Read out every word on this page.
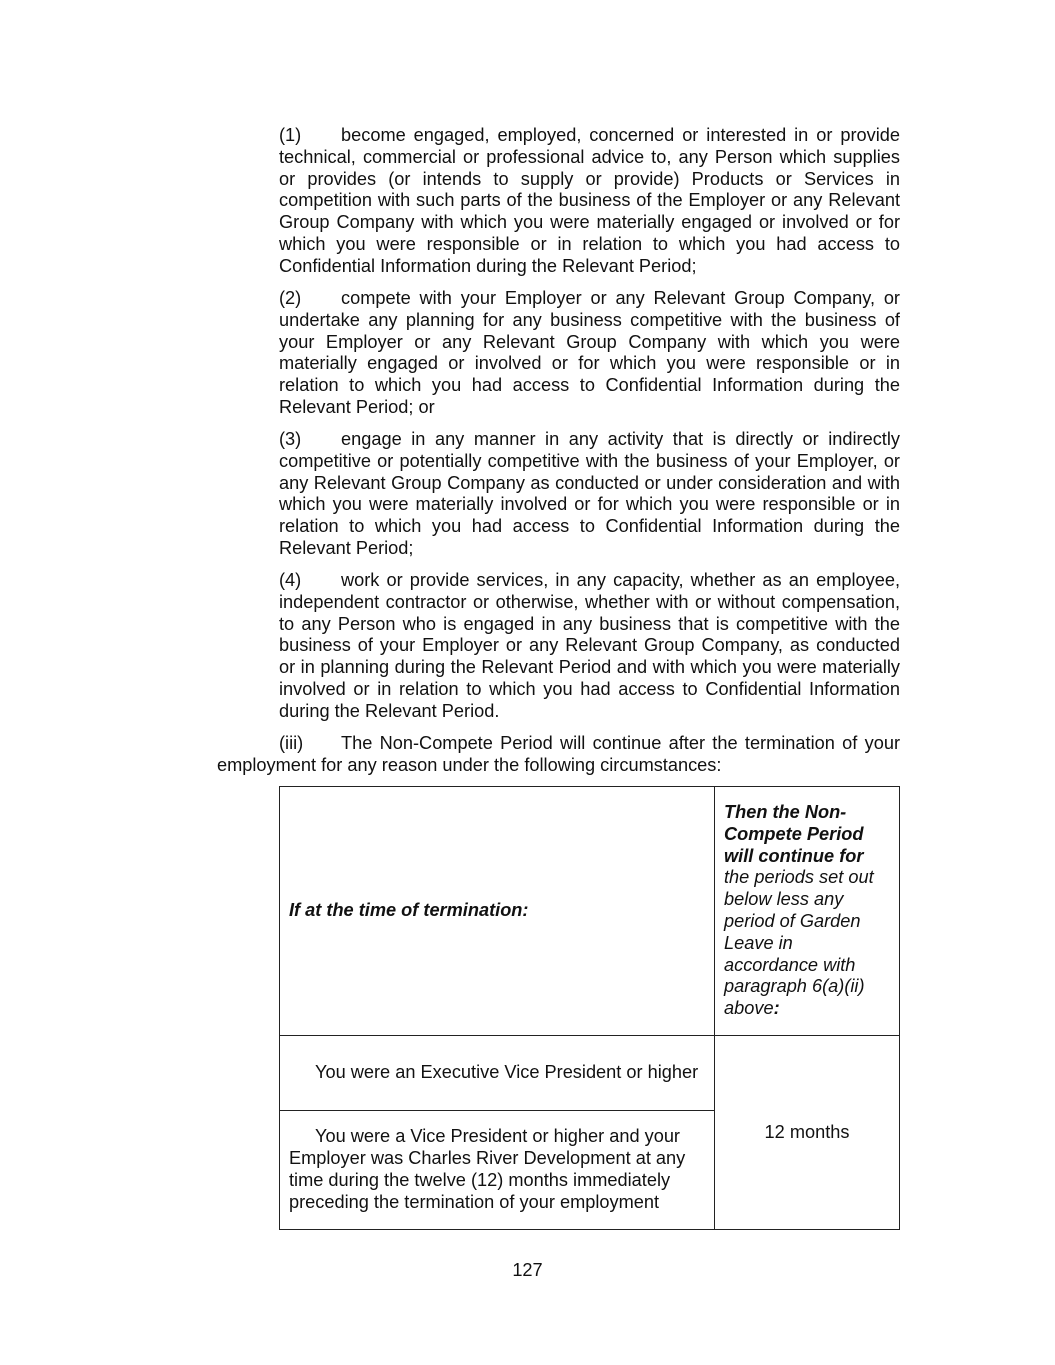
(1) become engaged, employed, concerned or interested in or provide technical, commercial or professional advice to, any Person which supplies or provides (or intends to supply or provide) Products or Services in competition with such parts of the business of the Employer or any Relevant Group Company with which you were materially engaged or involved or for which you were responsible or in relation to which you had access to Confidential Information during the Relevant Period;

(2) compete with your Employer or any Relevant Group Company, or undertake any planning for any business competitive with the business of your Employer or any Relevant Group Company with which you were materially engaged or involved or for which you were responsible or in relation to which you had access to Confidential Information during the Relevant Period; or

(3) engage in any manner in any activity that is directly or indirectly competitive or potentially competitive with the business of your Employer, or any Relevant Group Company as conducted or under consideration and with which you were materially involved or for which you were responsible or in relation to which you had access to Confidential Information during the Relevant Period;

(4) work or provide services, in any capacity, whether as an employee, independent contractor or otherwise, whether with or without compensation, to any Person who is engaged in any business that is competitive with the business of your Employer or any Relevant Group Company, as conducted or in planning during the Relevant Period and with which you were materially involved or in relation to which you had access to Confidential Information during the Relevant Period.

(iii) The Non-Compete Period will continue after the termination of your employment for any reason under the following circumstances:

If at the time of termination:	Then the Non-Compete Period will continue for the periods set out below less any period of Garden Leave in accordance with paragraph 6(a)(ii) above:
You were an Executive Vice President or higher	12 months
You were a Vice President or higher and your Employer was Charles River Development at any time during the twelve (12) months immediately preceding the termination of your employment	
127
